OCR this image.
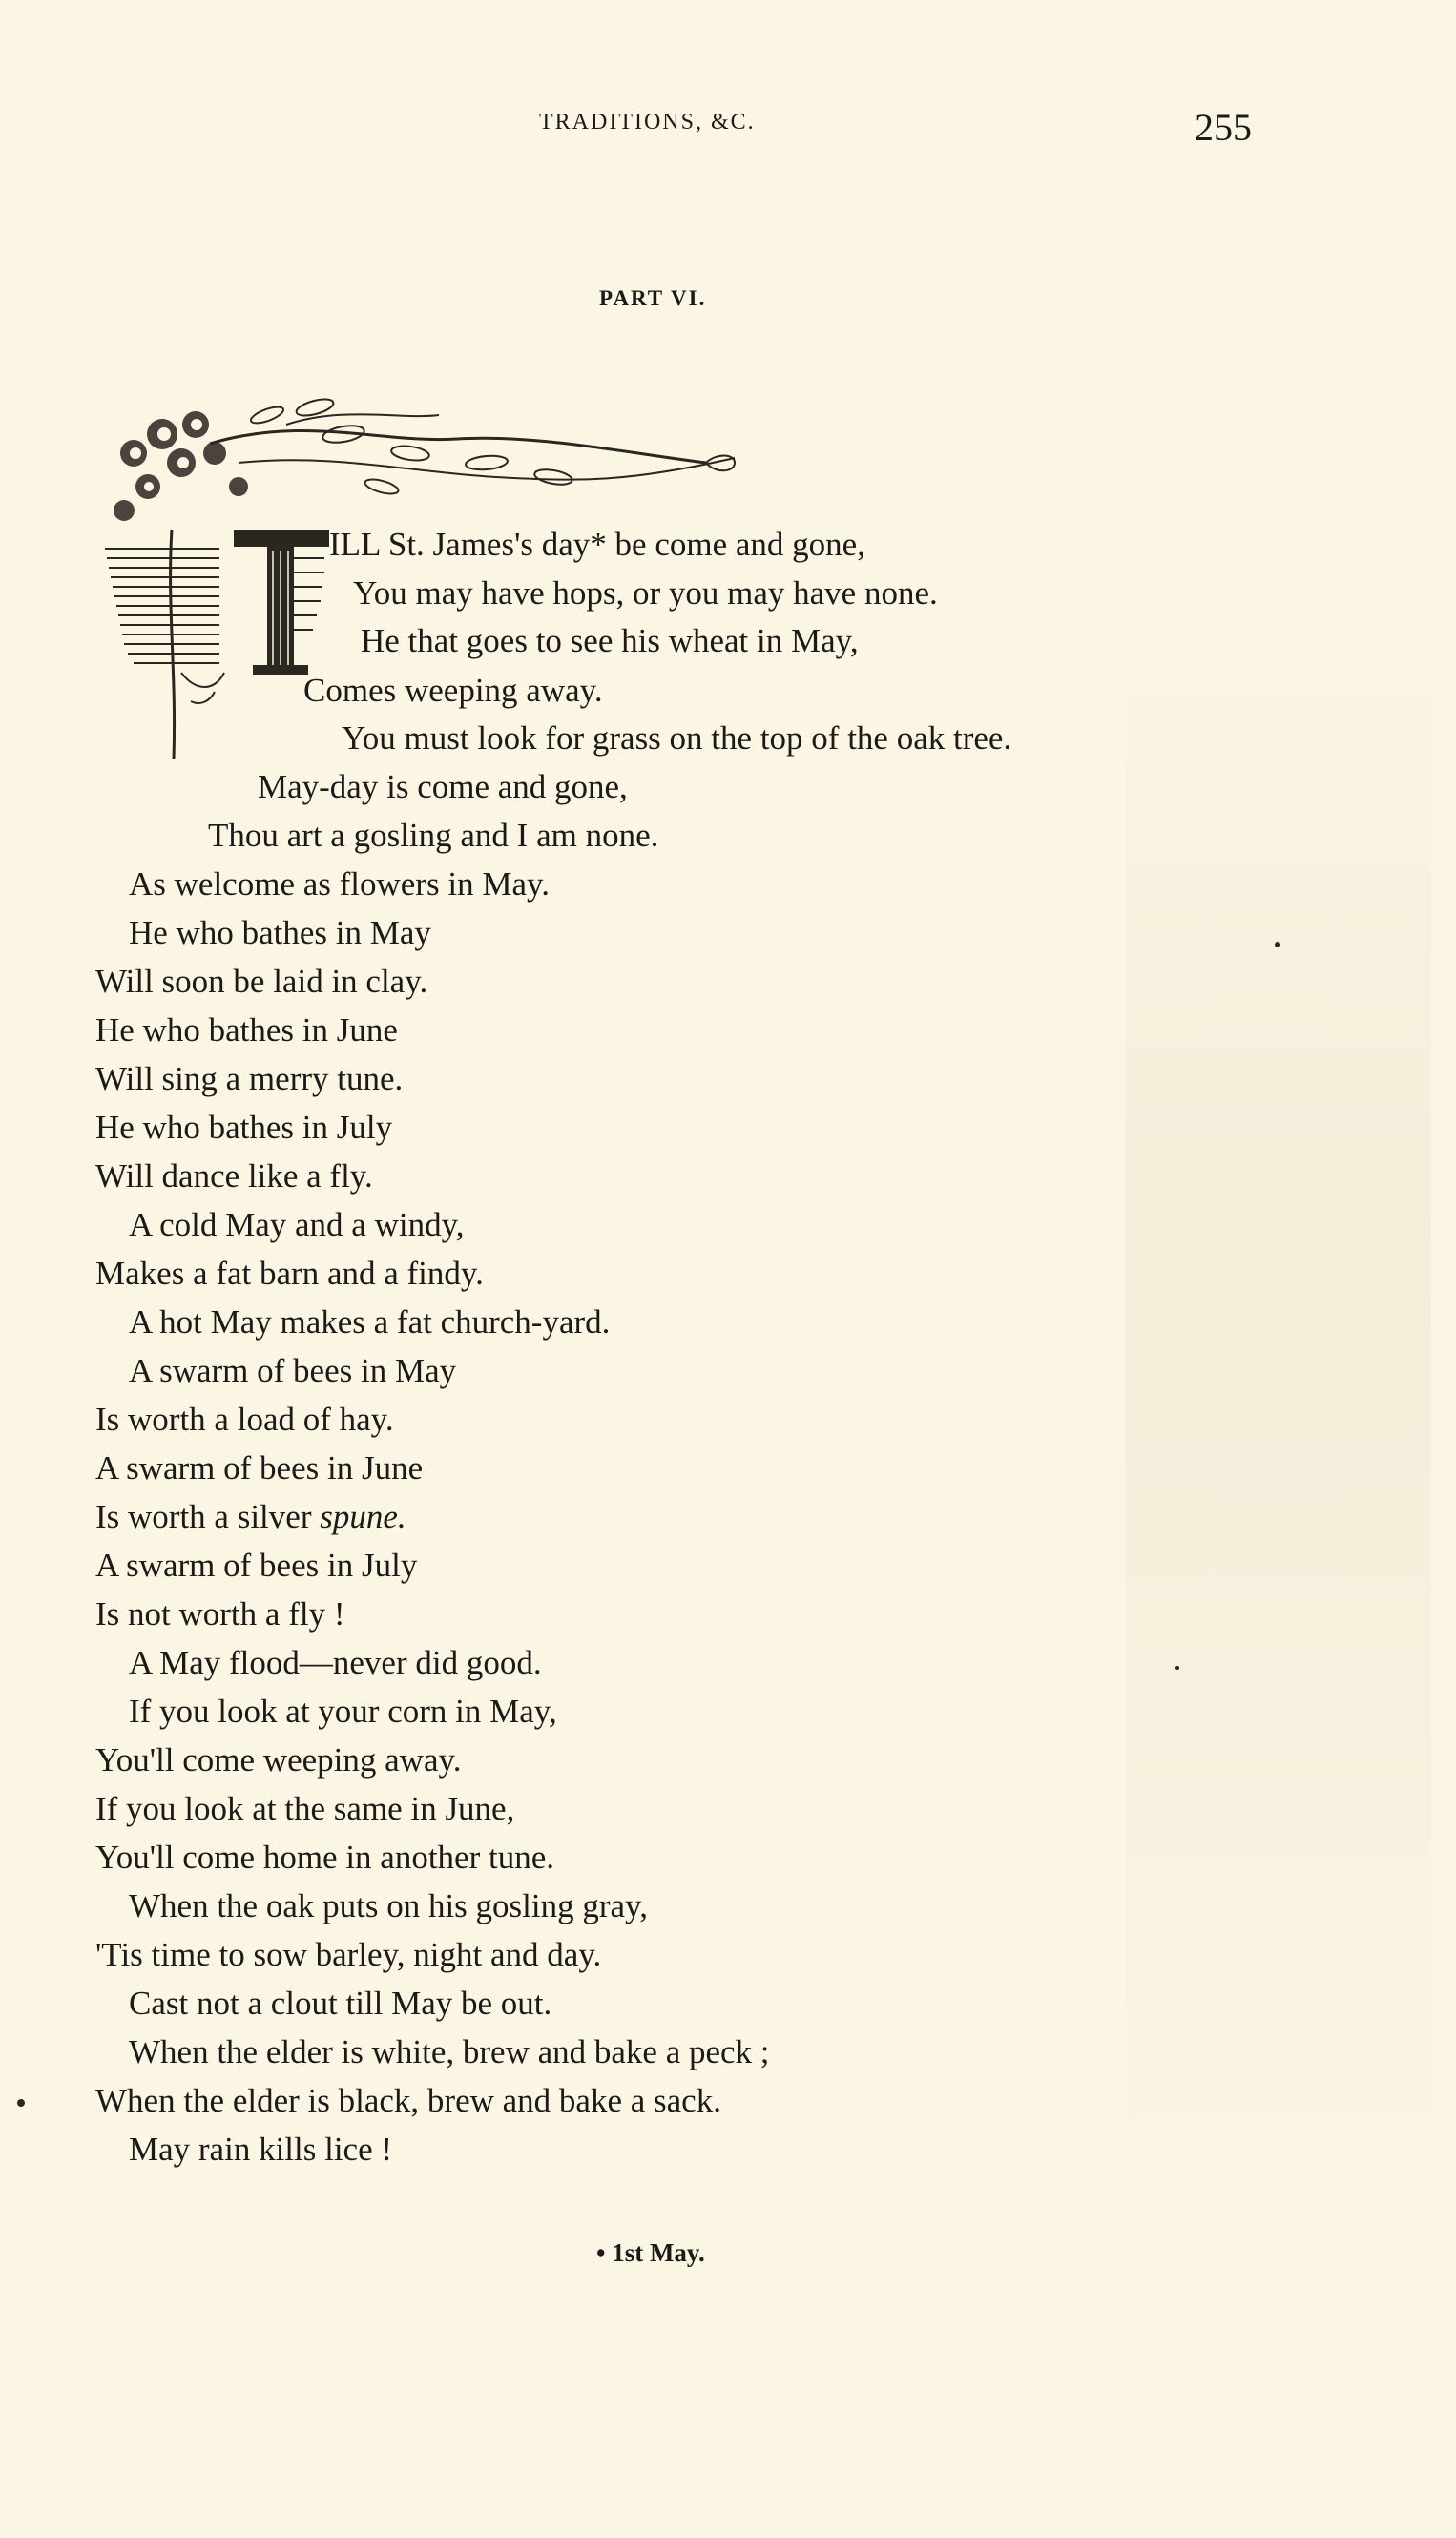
TRADITIONS, &C.	255
PART VI.
ILL St. James's day* be come and gone,
You may have hops, or you may have none.
He that goes to see his wheat in May,
Comes weeping away.
You must look for grass on the top of the oak tree.
May-day is come and gone,
Thou art a gosling and I am none.
As welcome as flowers in May.
He who bathes in May
Will soon be laid in clay.
He who bathes in June
Will sing a merry tune.
He who bathes in July
Will dance like a fly.
A cold May and a windy,
Makes a fat barn and a findy.
A hot May makes a fat church-yard.
A swarm of bees in May
Is worth a load of hay.
A swarm of bees in June
Is worth a silver spune.
A swarm of bees in July
Is not worth a fly !
A May flood—never did good.
If you look at your corn in May,
You'll come weeping away.
If you look at the same in June,
You'll come home in another tune.
When the oak puts on his gosling gray,
'Tis time to sow barley, night and day.
Cast not a clout till May be out.
When the elder is white, brew and bake a peck ;
When the elder is black, brew and bake a sack.
May rain kills lice !
• 1st May.
